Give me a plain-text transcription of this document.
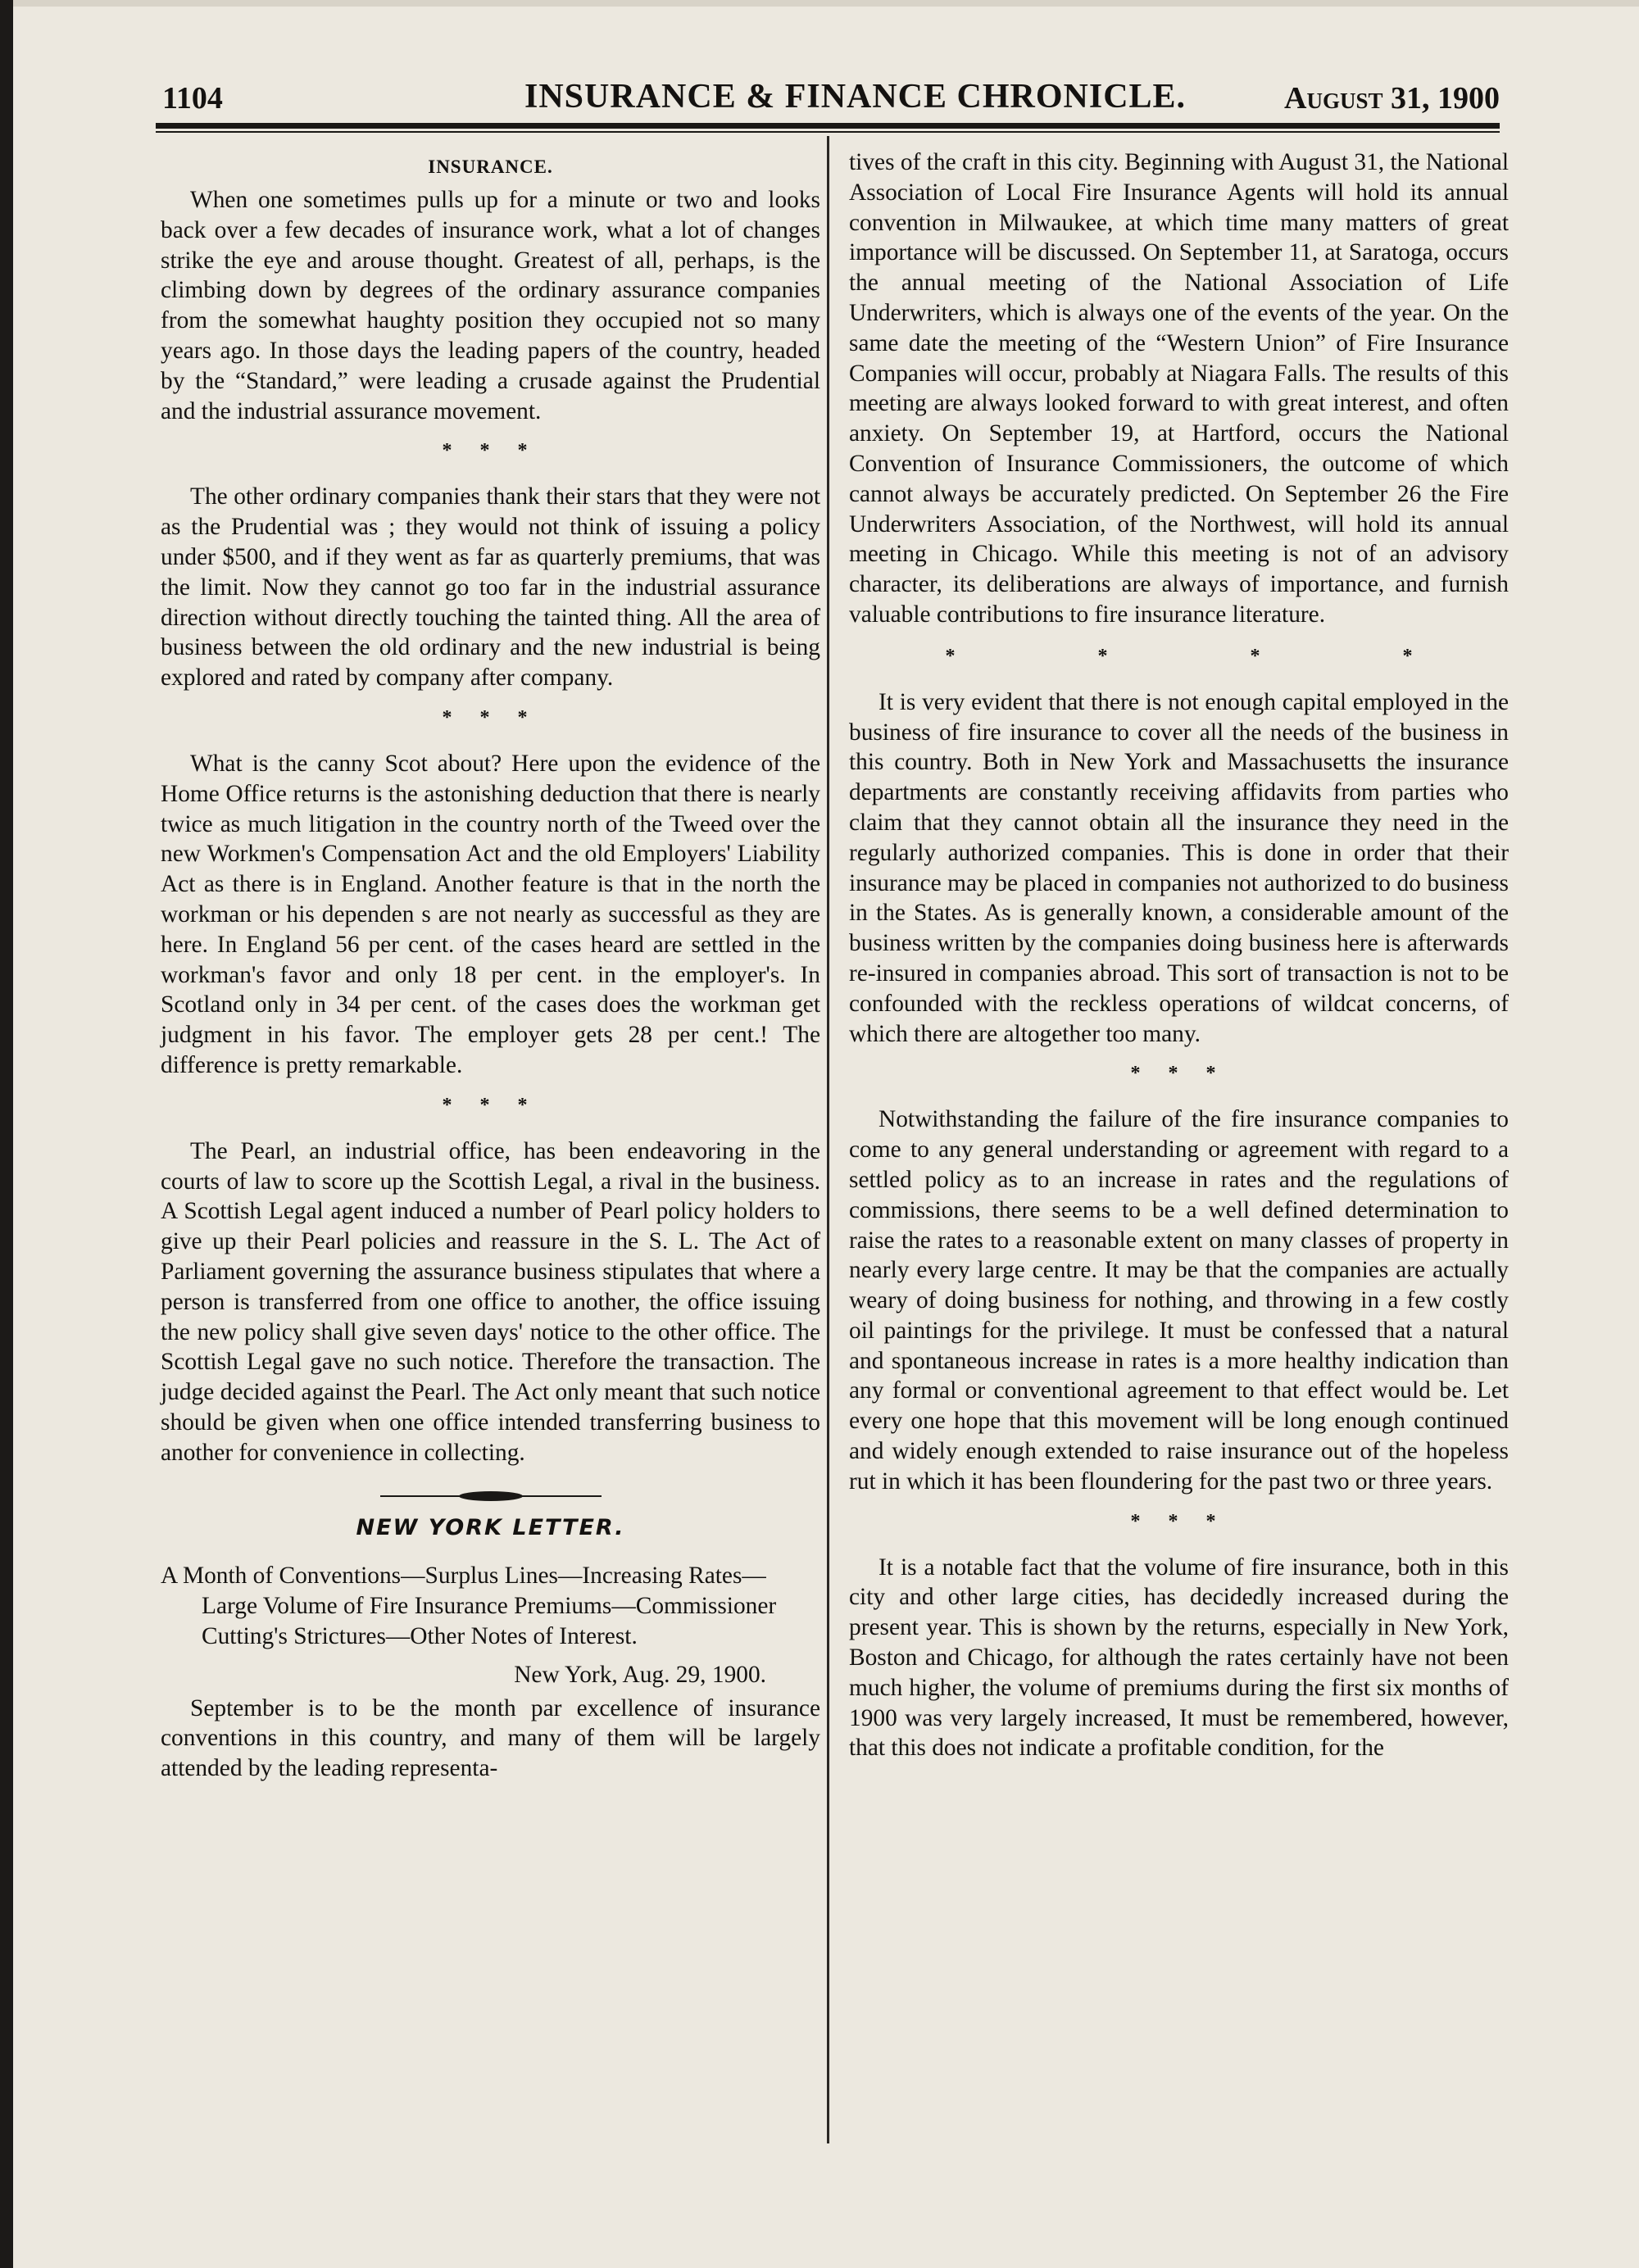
1104	INSURANCE & FINANCE CHRONICLE.	August 31, 1900
INSURANCE.

When one sometimes pulls up for a minute or two and looks back over a few decades of insurance work, what a lot of changes strike the eye and arouse thought. Greatest of all, perhaps, is the climbing down by degrees of the ordinary assurance companies from the somewhat haughty position they occupied not so many years ago. In those days the leading papers of the country, headed by the “Standard,” were leading a crusade against the Prudential and the industrial assurance movement.

* * *

The other ordinary companies thank their stars that they were not as the Prudential was ; they would not think of issuing a policy under $500, and if they went as far as quarterly premiums, that was the limit. Now they cannot go too far in the industrial assurance direction without directly touching the tainted thing. All the area of business between the old ordinary and the new industrial is being explored and rated by company after company.

* * *

What is the canny Scot about? Here upon the evidence of the Home Office returns is the astonishing deduction that there is nearly twice as much litigation in the country north of the Tweed over the new Workmen's Compensation Act and the old Employers' Liability Act as there is in England. Another feature is that in the north the workman or his dependen s are not nearly as successful as they are here. In England 56 per cent. of the cases heard are settled in the workman's favor and only 18 per cent. in the employer's. In Scotland only in 34 per cent. of the cases does the workman get judgment in his favor. The employer gets 28 per cent.! The difference is pretty remarkable.

* * *

The Pearl, an industrial office, has been endeavoring in the courts of law to score up the Scottish Legal, a rival in the business. A Scottish Legal agent induced a number of Pearl policy holders to give up their Pearl policies and reassure in the S. L. The Act of Parliament governing the assurance business stipulates that where a person is transferred from one office to another, the office issuing the new policy shall give seven days' notice to the other office. The Scottish Legal gave no such notice. Therefore the transaction. The judge decided against the Pearl. The Act only meant that such notice should be given when one office intended transferring business to another for convenience in collecting.

NEW YORK LETTER.

A Month of Conventions—Surplus Lines—Increasing Rates—Large Volume of Fire Insurance Premiums—Commissioner Cutting's Strictures—Other Notes of Interest.

New York, Aug. 29, 1900.

September is to be the month par excellence of insurance conventions in this country, and many of them will be largely attended by the leading representa-

tives of the craft in this city. Beginning with August 31, the National Association of Local Fire Insurance Agents will hold its annual convention in Milwaukee, at which time many matters of great importance will be discussed. On September 11, at Saratoga, occurs the annual meeting of the National Association of Life Underwriters, which is always one of the events of the year. On the same date the meeting of the “Western Union” of Fire Insurance Companies will occur, probably at Niagara Falls. The results of this meeting are always looked forward to with great interest, and often anxiety. On September 19, at Hartford, occurs the National Convention of Insurance Commissioners, the outcome of which cannot always be accurately predicted. On September 26 the Fire Underwriters Association, of the Northwest, will hold its annual meeting in Chicago. While this meeting is not of an advisory character, its deliberations are always of importance, and furnish valuable contributions to fire insurance literature.

* * * *

It is very evident that there is not enough capital employed in the business of fire insurance to cover all the needs of the business in this country. Both in New York and Massachusetts the insurance departments are constantly receiving affidavits from parties who claim that they cannot obtain all the insurance they need in the regularly authorized companies. This is done in order that their insurance may be placed in companies not authorized to do business in the States. As is generally known, a considerable amount of the business written by the companies doing business here is afterwards re-insured in companies abroad. This sort of transaction is not to be confounded with the reckless operations of wildcat concerns, of which there are altogether too many.

* * *

Notwithstanding the failure of the fire insurance companies to come to any general understanding or agreement with regard to a settled policy as to an increase in rates and the regulations of commissions, there seems to be a well defined determination to raise the rates to a reasonable extent on many classes of property in nearly every large centre. It may be that the companies are actually weary of doing business for nothing, and throwing in a few costly oil paintings for the privilege. It must be confessed that a natural and spontaneous increase in rates is a more healthy indication than any formal or conventional agreement to that effect would be. Let every one hope that this movement will be long enough continued and widely enough extended to raise insurance out of the hopeless rut in which it has been floundering for the past two or three years.

* * *

It is a notable fact that the volume of fire insurance, both in this city and other large cities, has decidedly increased during the present year. This is shown by the returns, especially in New York, Boston and Chicago, for although the rates certainly have not been much higher, the volume of premiums during the first six months of 1900 was very largely increased, It must be remembered, however, that this does not indicate a profitable condition, for the
